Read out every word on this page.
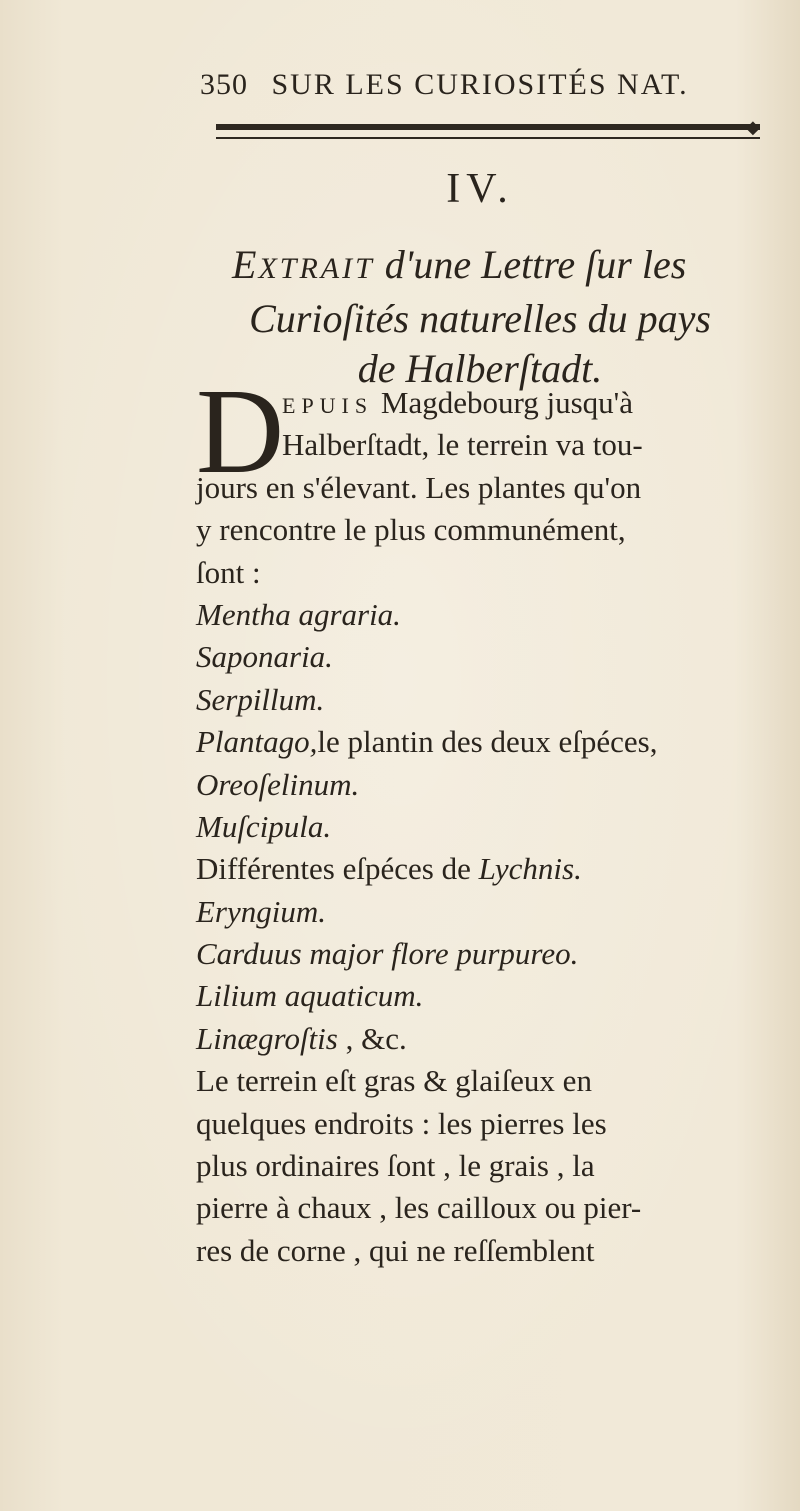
350 SUR LES CURIOSITÉS NAT.
◆
IV.
EXTRAIT d'une Lettre ſur les
Curioſités naturelles du pays
de Halberſtadt.
D
EPUIS Magdebourg jusqu'à
Halberſtadt, le terrein va tou-
jours en s'élevant. Les plantes qu'on
y rencontre le plus communément,
ſont :
Mentha agraria.
Saponaria.
Serpillum.
Plantago,le plantin des deux eſpéces,
Oreoſelinum.
Muſcipula.
Différentes eſpéces de Lychnis.
Eryngium.
Carduus major flore purpureo.
Lilium aquaticum.
Linægroſtis , &c.
Le terrein eſt gras & glaiſeux en
quelques endroits : les pierres les
plus ordinaires ſont , le grais , la
pierre à chaux , les cailloux ou pier-
res de corne , qui ne reſſemblent
